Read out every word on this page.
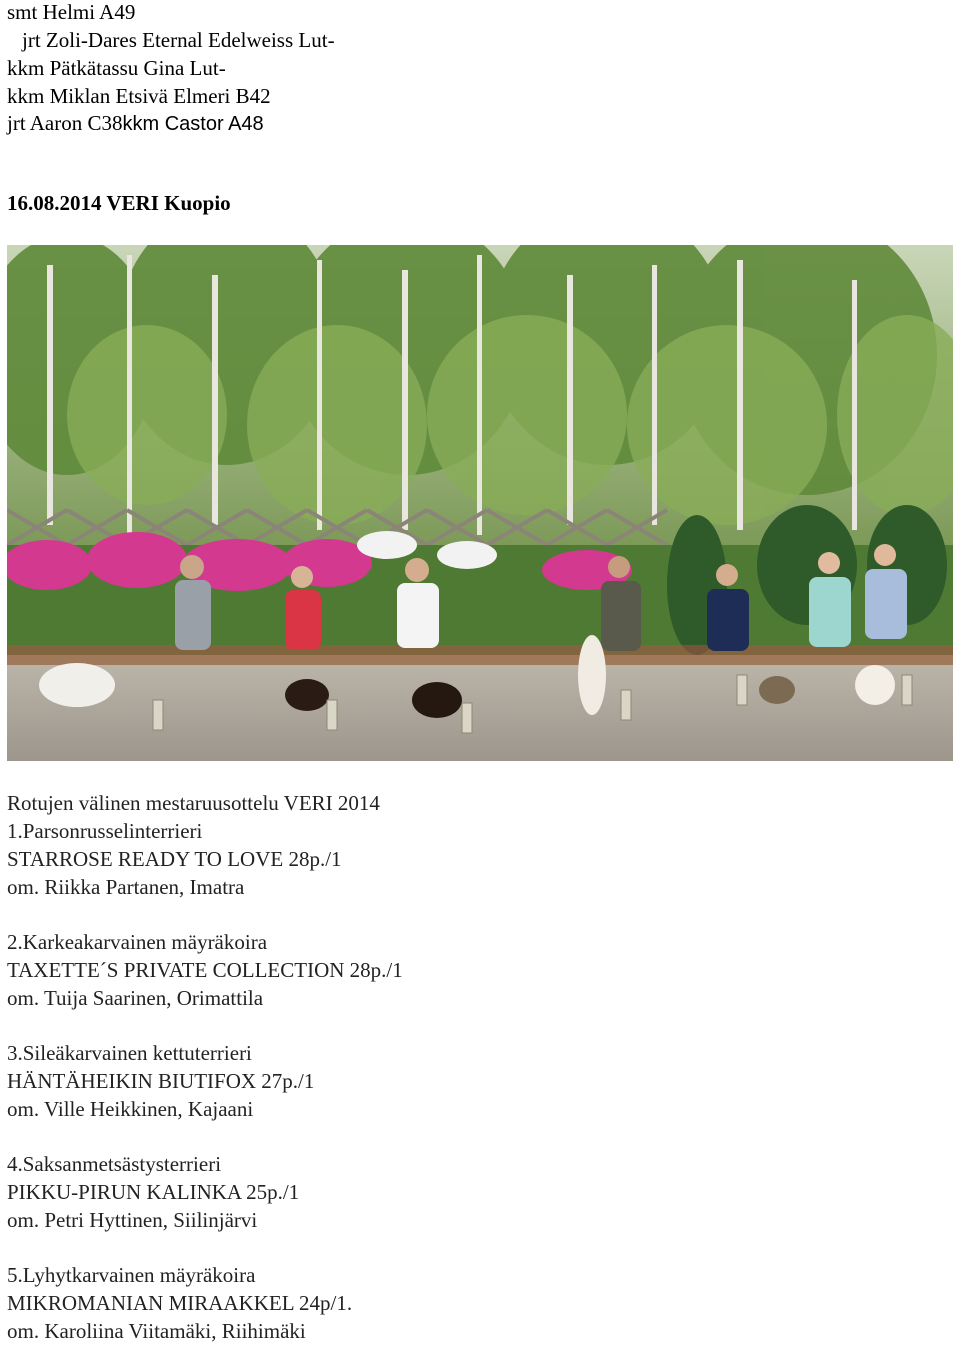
smt Helmi A49
jrt Zoli-Dares Eternal Edelweiss Lut-
kkm Pätkätassu Gina Lut-
kkm Miklan Etsivä Elmeri B42
jrt Aaron C38kkm Castor A48
16.08.2014 VERI Kuopio
Rotujen välinen mestaruusottelu VERI 2014
1.Parsonrusselinterrieri
STARROSE READY TO LOVE 28p./1
om. Riikka Partanen, Imatra
2.Karkeakarvainen mäyräkoira
TAXETTE´S PRIVATE COLLECTION 28p./1
om. Tuija Saarinen, Orimattila
3.Sileäkarvainen kettuterrieri
HÄNTÄHEIKIN BIUTIFOX 27p./1
om. Ville Heikkinen, Kajaani
4.Saksanmetsästysterrieri
PIKKU-PIRUN KALINKA 25p./1
om. Petri Hyttinen, Siilinjärvi
5.Lyhytkarvainen mäyräkoira
MIKROMANIAN MIRAAKKEL 24p/1.
om. Karoliina Viitamäki, Riihimäki
